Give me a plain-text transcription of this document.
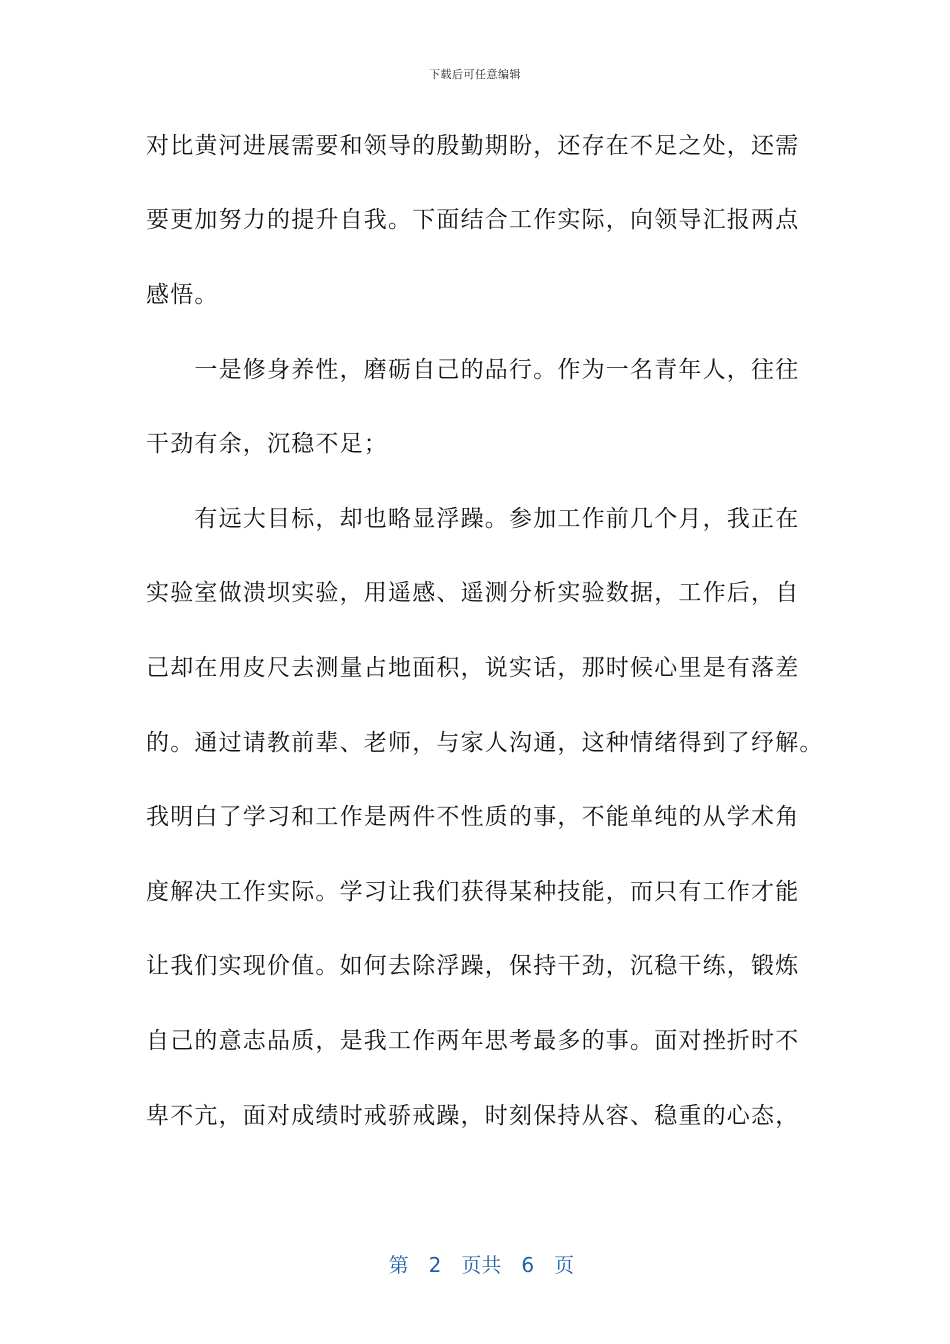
下载后可任意编辑
对比黄河进展需要和领导的殷勤期盼，还存在不足之处，还需
要更加努力的提升自我。下面结合工作实际，向领导汇报两点
感悟。
　　一是修身养性，磨砺自己的品行。作为一名青年人，往往
干劲有余，沉稳不足；
　　有远大目标，却也略显浮躁。参加工作前几个月，我正在
实验室做溃坝实验，用遥感、遥测分析实验数据，工作后，自
己却在用皮尺去测量占地面积，说实话，那时候心里是有落差
的。通过请教前辈、老师，与家人沟通，这种情绪得到了纾解。
我明白了学习和工作是两件不性质的事，不能单纯的从学术角
度解决工作实际。学习让我们获得某种技能，而只有工作才能
让我们实现价值。如何去除浮躁，保持干劲，沉稳干练，锻炼
自己的意志品质，是我工作两年思考最多的事。面对挫折时不
卑不亢，面对成绩时戒骄戒躁，时刻保持从容、稳重的心态，

第 2 页共 6 页
